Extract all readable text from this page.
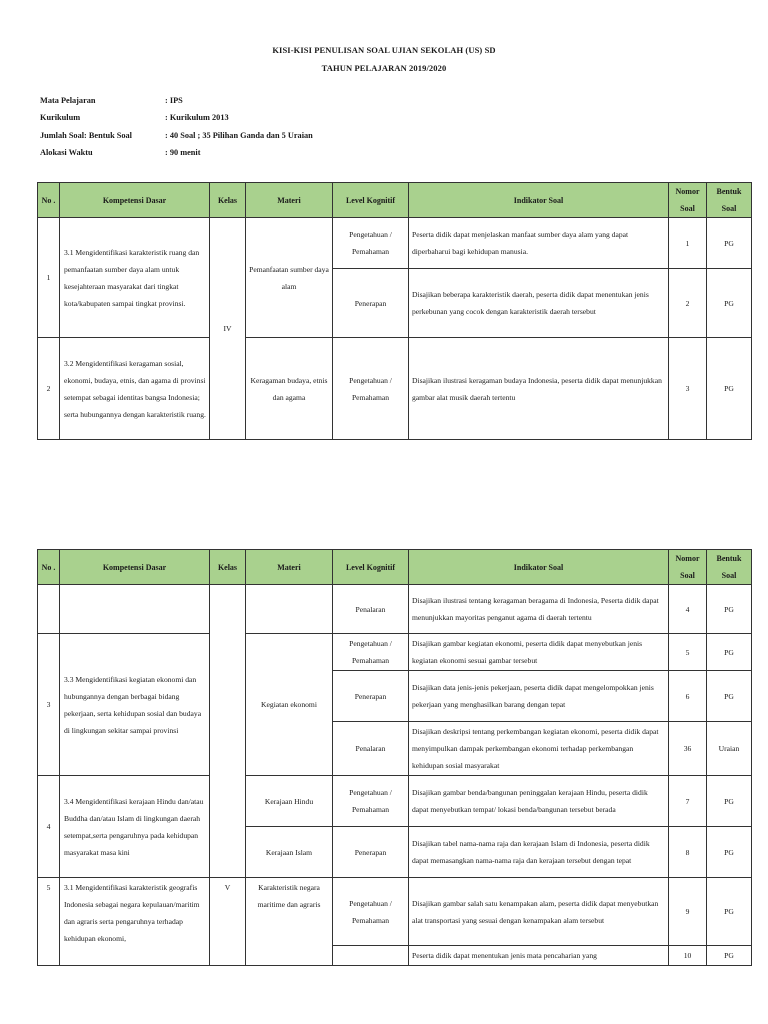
KISI-KISI PENULISAN SOAL UJIAN SEKOLAH (US) SD
TAHUN PELAJARAN 2019/2020
Mata Pelajaran	: IPS
Kurikulum	: Kurikulum 2013
Jumlah Soal: Bentuk Soal	: 40 Soal ; 35 Pilihan Ganda dan 5 Uraian
Alokasi Waktu	: 90 menit
No .	Kompetensi Dasar	Kelas	Materi	Level Kognitif	Indikator Soal	Nomor Soal	Bentuk Soal
1	3.1 Mengidentifikasi karakteristik ruang dan pemanfaatan sumber daya alam untuk kesejahteraan masyarakat dari tingkat kota/kabupaten sampai tingkat provinsi.	IV	Pemanfaatan sumber daya alam	Pengetahuan / Pemahaman	Peserta didik dapat menjelaskan manfaat sumber daya alam yang dapat diperbaharui bagi kehidupan manusia.	1	PG
				Penerapan	Disajikan beberapa karakteristik daerah, peserta didik dapat menentukan jenis perkebunan yang cocok dengan karakteristik daerah tersebut	2	PG
2	3.2 Mengidentifikasi keragaman sosial, ekonomi, budaya, etnis, dan agama di provinsi setempat sebagai identitas bangsa Indonesia; serta hubungannya dengan karakteristik ruang.		Keragaman budaya, etnis dan agama	Pengetahuan / Pemahaman	Disajikan ilustrasi keragaman budaya Indonesia, peserta didik dapat menunjukkan gambar alat musik daerah tertentu	3	PG
No .	Kompetensi Dasar	Kelas	Materi	Level Kognitif	Indikator Soal	Nomor Soal	Bentuk Soal
				Penalaran	Disajikan ilustrasi tentang keragaman beragama di Indonesia, Peserta didik dapat menunjukkan mayoritas penganut agama di daerah tertentu	4	PG
3	3.3 Mengidentifikasi kegiatan ekonomi dan hubungannya dengan berbagai bidang pekerjaan, serta kehidupan sosial dan budaya di lingkungan sekitar sampai provinsi		Kegiatan ekonomi	Pengetahuan / Pemahaman	Disajikan gambar kegiatan ekonomi, peserta didik dapat menyebutkan jenis kegiatan ekonomi sesuai gambar tersebut	5	PG
				Penerapan	Disajikan data jenis-jenis pekerjaan, peserta didik dapat mengelompokkan jenis pekerjaan yang menghasilkan barang dengan tepat	6	PG
				Penalaran	Disajikan deskripsi tentang perkembangan kegiatan ekonomi, peserta didik dapat menyimpulkan dampak perkembangan ekonomi terhadap perkembangan kehidupan sosial masyarakat	36	Uraian
4	3.4 Mengidentifikasi kerajaan Hindu dan/atau Buddha dan/atau Islam di lingkungan daerah setempat,serta pengaruhnya pada kehidupan masyarakat masa kini		Kerajaan Hindu	Pengetahuan / Pemahaman	Disajikan gambar benda/bangunan peninggalan kerajaan Hindu, peserta didik dapat menyebutkan tempat/ lokasi benda/bangunan tersebut berada	7	PG
			Kerajaan Islam	Penerapan	Disajikan tabel nama-nama raja dan kerajaan Islam di Indonesia, peserta didik dapat memasangkan nama-nama raja dan kerajaan tersebut dengan tepat	8	PG
5	3.1 Mengidentifikasi karakteristik geografis Indonesia sebagai negara kepulauan/maritim dan agraris serta pengaruhnya terhadap kehidupan ekonomi,	V	Karakteristik negara maritime dan agraris	Pengetahuan / Pemahaman	Disajikan gambar salah satu kenampakan alam, peserta didik dapat menyebutkan alat transportasi yang sesuai dengan kenampakan alam tersebut	9	PG
					Peserta didik dapat menentukan jenis mata pencaharian yang	10	PG
